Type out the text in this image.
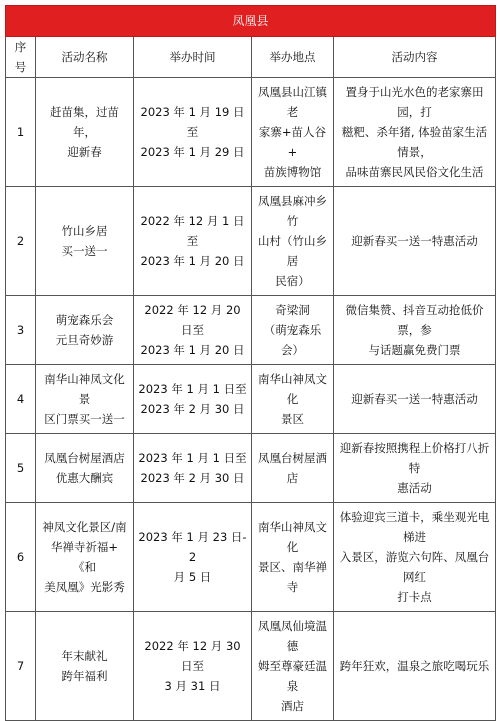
凤凰县				
序号	活动名称	举办时间	举办地点	活动内容
1	赶苗集，过苗年，
迎新春	2023 年 1 月 19 日至
2023 年 1 月 29 日	凤凰县山江镇老
家寨+苗人谷+
苗族博物馆	置身于山光水色的老家寨田园，打
糍粑、杀年猪, 体验苗家生活情景，
品味苗寨民风民俗文化生活

2	竹山乡居
买一送一	2022 年 12 月 1 日至
2023 年 1 月 20 日	凤凰县麻冲乡竹
山村（竹山乡居
民宿）	迎新春买一送一特惠活动

3	萌宠森乐会
元旦奇妙游	2022 年 12 月 20 日至
2023 年 1 月 20 日	奇梁洞
（萌宠森乐会）	微信集赞、抖音互动抢低价票，参
与话题赢免费门票

4	南华山神凤文化景
区门票买一送一	2023 年 1 月 1 日至
2023 年 2 月 30 日	南华山神凤文化
景区	迎新春买一送一特惠活动

5	凤凰台树屋酒店
优惠大酬宾	2023 年 1 月 1 日至
2023 年 2 月 30 日	凤凰台树屋酒店	迎新春按照携程上价格打八折特
惠活动

6	神凤文化景区/南
华禅寺祈福+《和
美凤凰》光影秀	2023 年 1 月 23 日-2
月 5 日	南华山神凤文化
景区、南华禅寺	体验迎宾三道卡，乘坐观光电梯进
入景区，游览六句阵、凤凰台网红
打卡点

7	年末献礼
跨年福利	2022 年 12 月 30 日至
3 月 31 日	凤凰凤仙境温德
姆至尊豪廷温泉
酒店	跨年狂欢，温泉之旅吃喝玩乐
